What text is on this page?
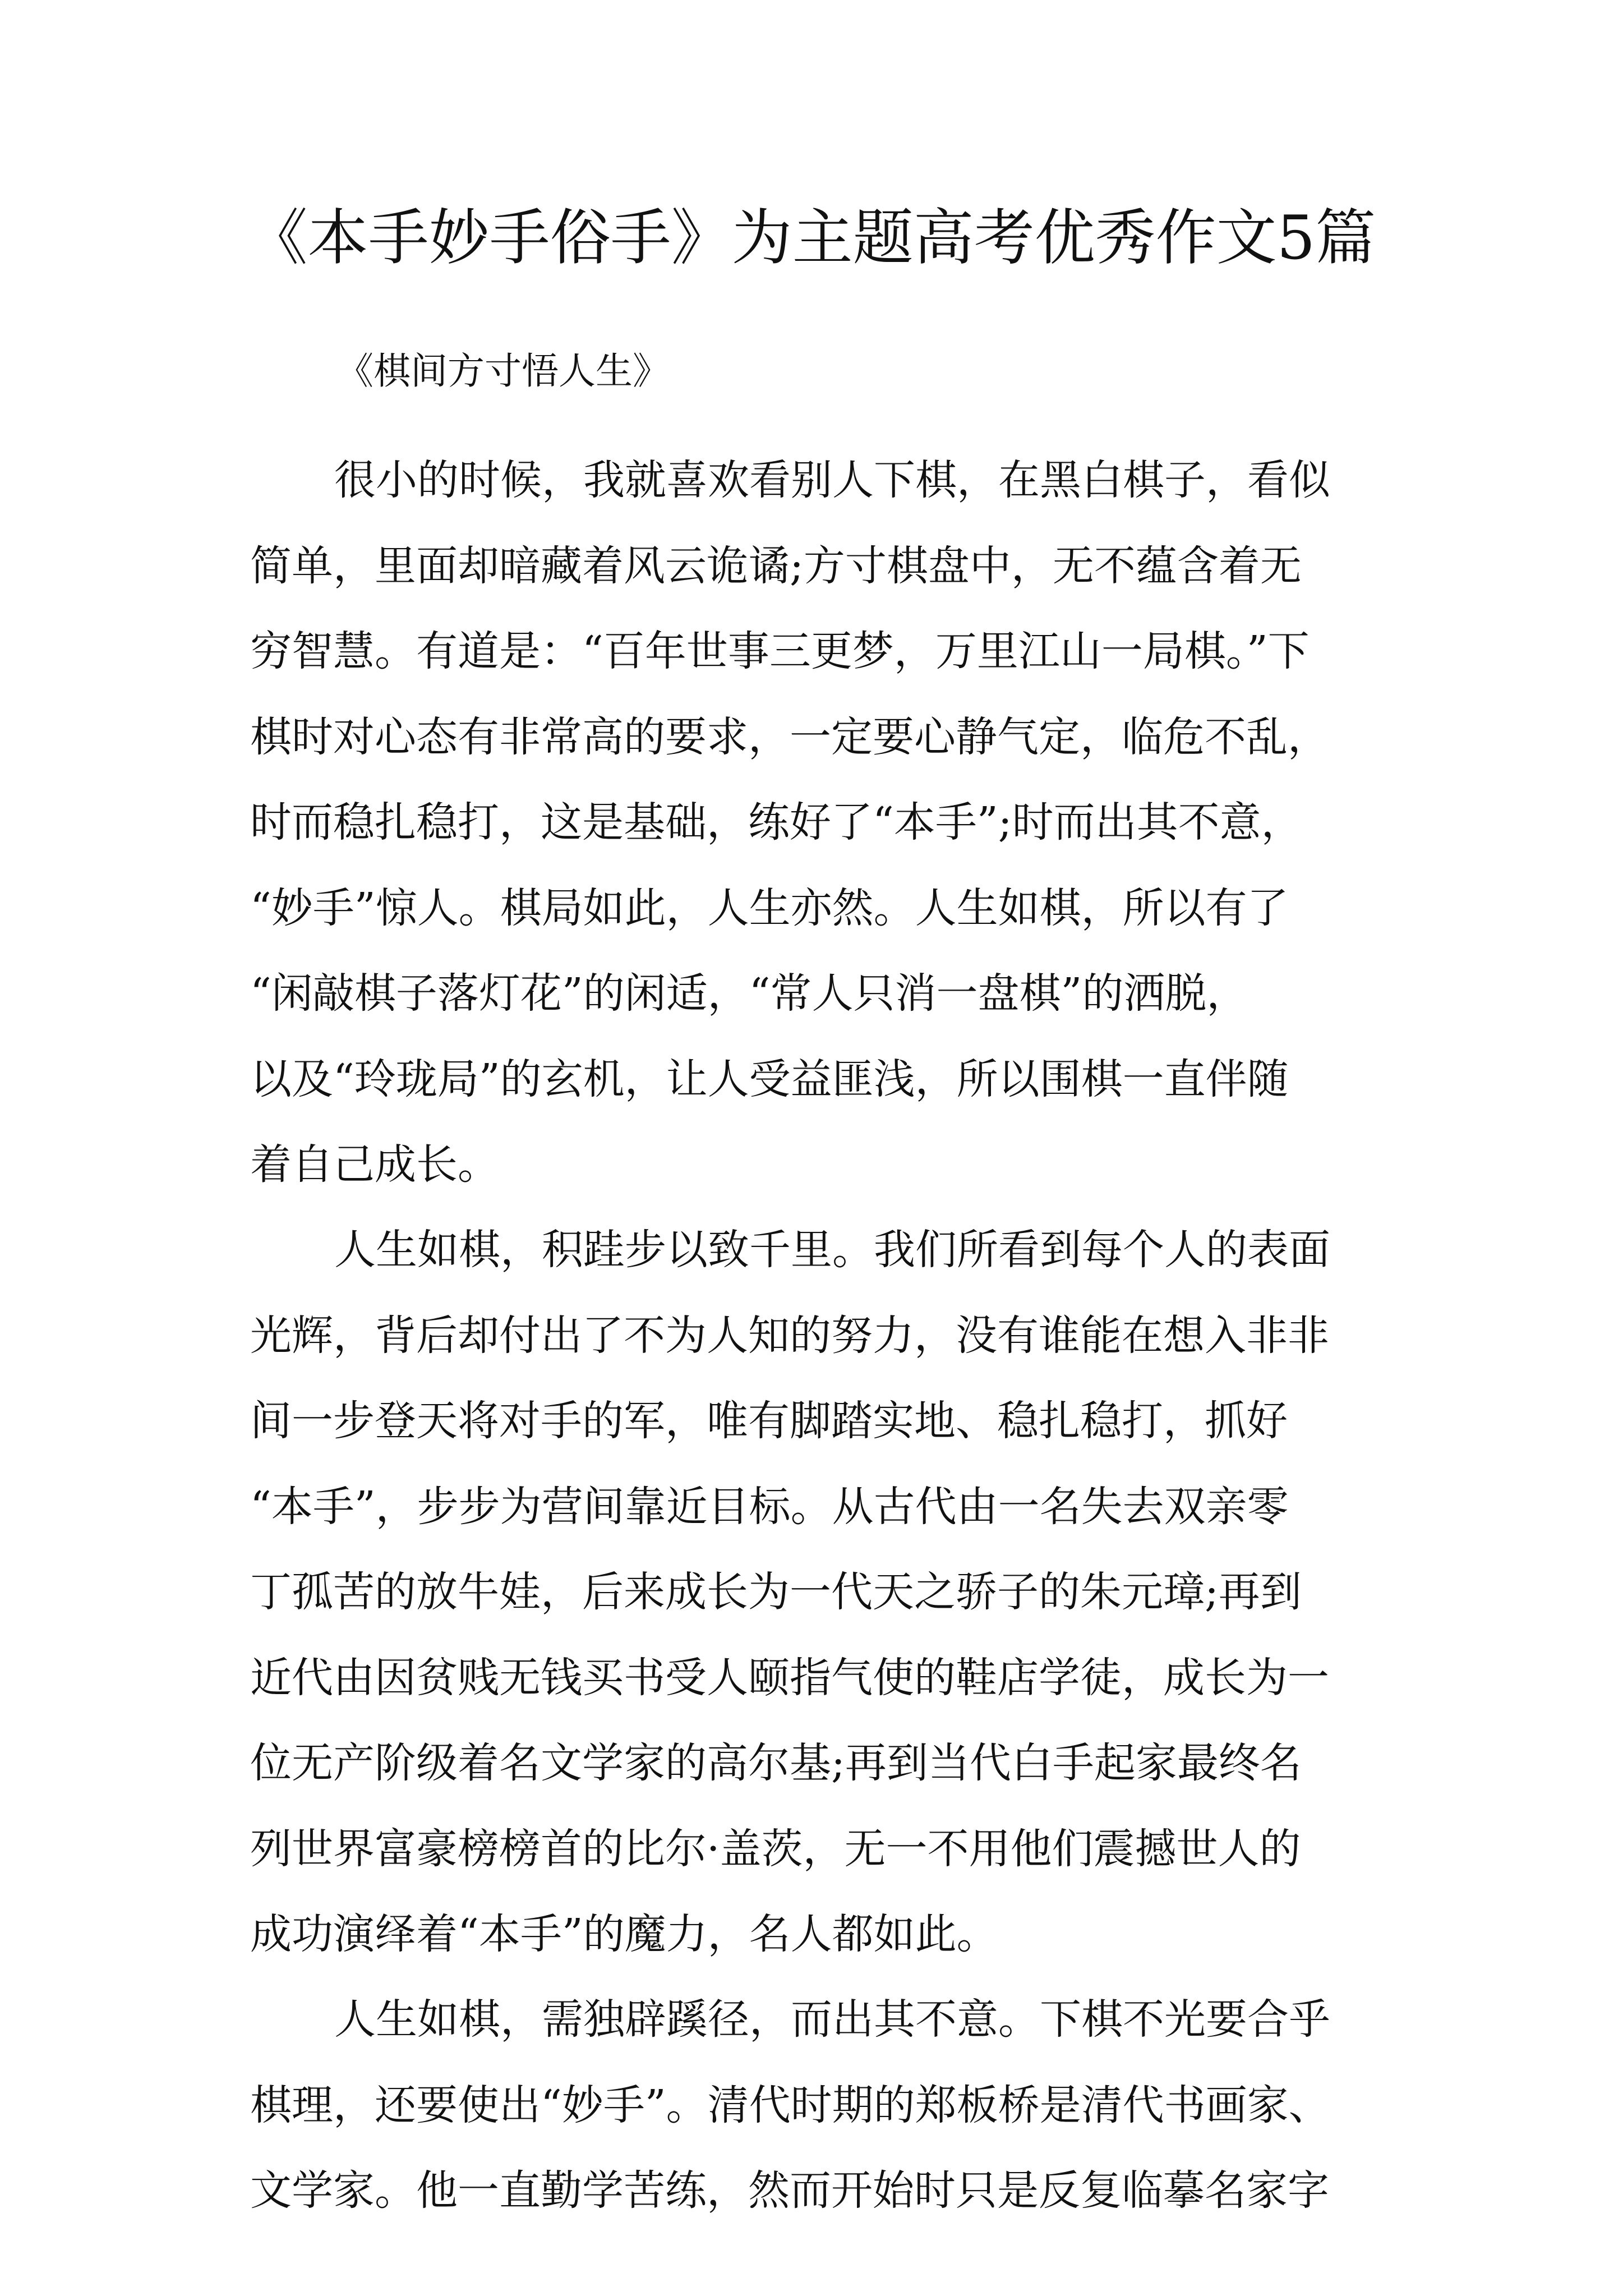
《本手妙手俗手》为主题高考优秀作文5篇
《棋间方寸悟人生》
很小的时候，我就喜欢看别人下棋，在黑白棋子，看似
简单，里面却暗藏着风云诡谲;方寸棋盘中，无不蕴含着无
穷智慧。有道是：“百年世事三更梦，万里江山一局棋。”下
棋时对心态有非常高的要求，一定要心静气定，临危不乱，
时而稳扎稳打，这是基础，练好了“本手”;时而出其不意，
“妙手”惊人。棋局如此，人生亦然。人生如棋，所以有了
“闲敲棋子落灯花”的闲适，“常人只消一盘棋”的洒脱，
以及“玲珑局”的玄机，让人受益匪浅，所以围棋一直伴随
着自己成长。
人生如棋，积跬步以致千里。我们所看到每个人的表面
光辉，背后却付出了不为人知的努力，没有谁能在想入非非
间一步登天将对手的军，唯有脚踏实地、稳扎稳打，抓好
“本手”，步步为营间靠近目标。从古代由一名失去双亲零
丁孤苦的放牛娃，后来成长为一代天之骄子的朱元璋;再到
近代由因贫贱无钱买书受人颐指气使的鞋店学徒，成长为一
位无产阶级着名文学家的高尔基;再到当代白手起家最终名
列世界富豪榜榜首的比尔·盖茨，无一不用他们震撼世人的
成功演绎着“本手”的魔力，名人都如此。
人生如棋，需独辟蹊径，而出其不意。下棋不光要合乎
棋理，还要使出“妙手”。清代时期的郑板桥是清代书画家、
文学家。他一直勤学苦练，然而开始时只是反复临摹名家字
